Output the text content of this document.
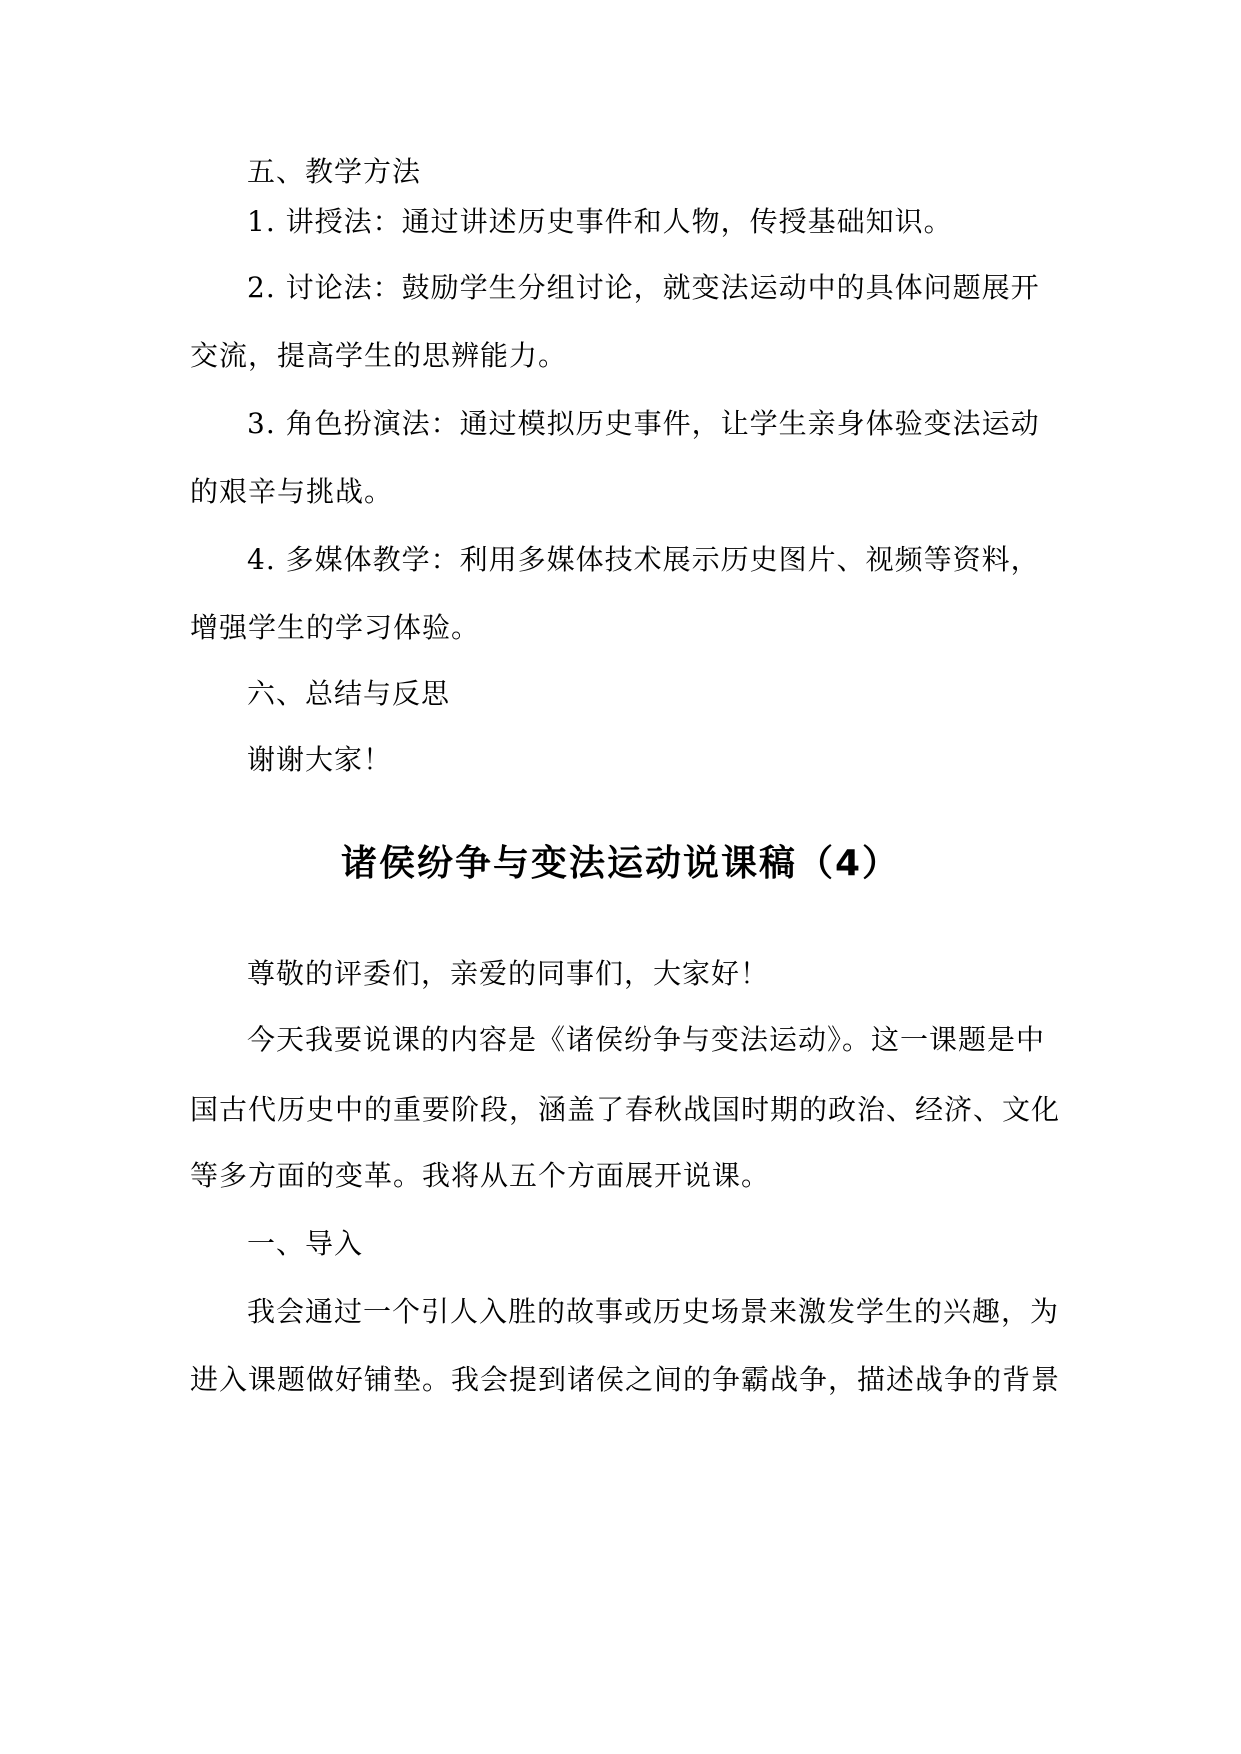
五、教学方法

1. 讲授法：通过讲述历史事件和人物，传授基础知识。

2. 讨论法：鼓励学生分组讨论，就变法运动中的具体问题展开

交流，提高学生的思辨能力。

3. 角色扮演法：通过模拟历史事件，让学生亲身体验变法运动

的艰辛与挑战。

4. 多媒体教学：利用多媒体技术展示历史图片、视频等资料，

增强学生的学习体验。

六、总结与反思

谢谢大家！

诸侯纷争与变法运动说课稿（4）

尊敬的评委们，亲爱的同事们，大家好！

今天我要说课的内容是《诸侯纷争与变法运动》。这一课题是中

国古代历史中的重要阶段，涵盖了春秋战国时期的政治、经济、文化

等多方面的变革。我将从五个方面展开说课。

一、导入

我会通过一个引人入胜的故事或历史场景来激发学生的兴趣，为

进入课题做好铺垫。我会提到诸侯之间的争霸战争，描述战争的背景
